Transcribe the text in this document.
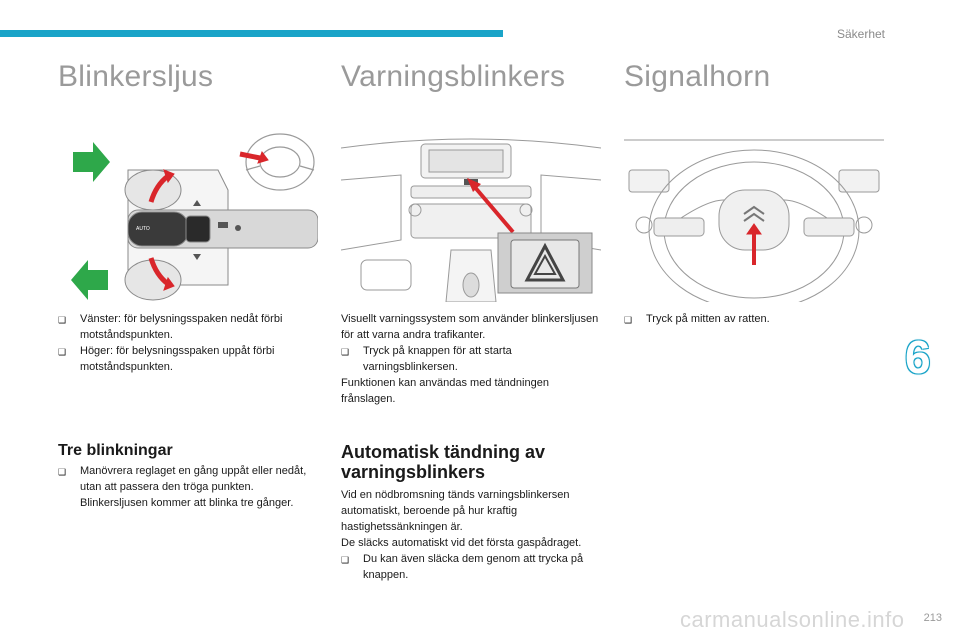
Säkerhet
Blinkersljus
AUTO
❑	Vänster: för belysningsspaken nedåt förbi motståndspunkten.
❑	Höger: för belysningsspaken uppåt förbi motståndspunkten.
Tre blinkningar
❑	Manövrera reglaget en gång uppåt eller nedåt, utan att passera den tröga punkten. Blinkersljusen kommer att blinka tre gånger.
Varningsblinkers

Visuellt varningssystem som använder blinkersljusen för att varna andra trafikanter.

❑	Tryck på knappen för att starta varningsblinkersen.

Funktionen kan användas med tändningen frånslagen.

Automatisk tändning av varningsblinkers

Vid en nödbromsning tänds varningsblinkersen automatiskt, beroende på hur kraftig hastighetssänkningen är.

De släcks automatiskt vid det första gaspådraget.

❑	Du kan även släcka dem genom att trycka på knappen.
Signalhorn
❑	Tryck på mitten av ratten.
6
carmanualsonline.info 213
